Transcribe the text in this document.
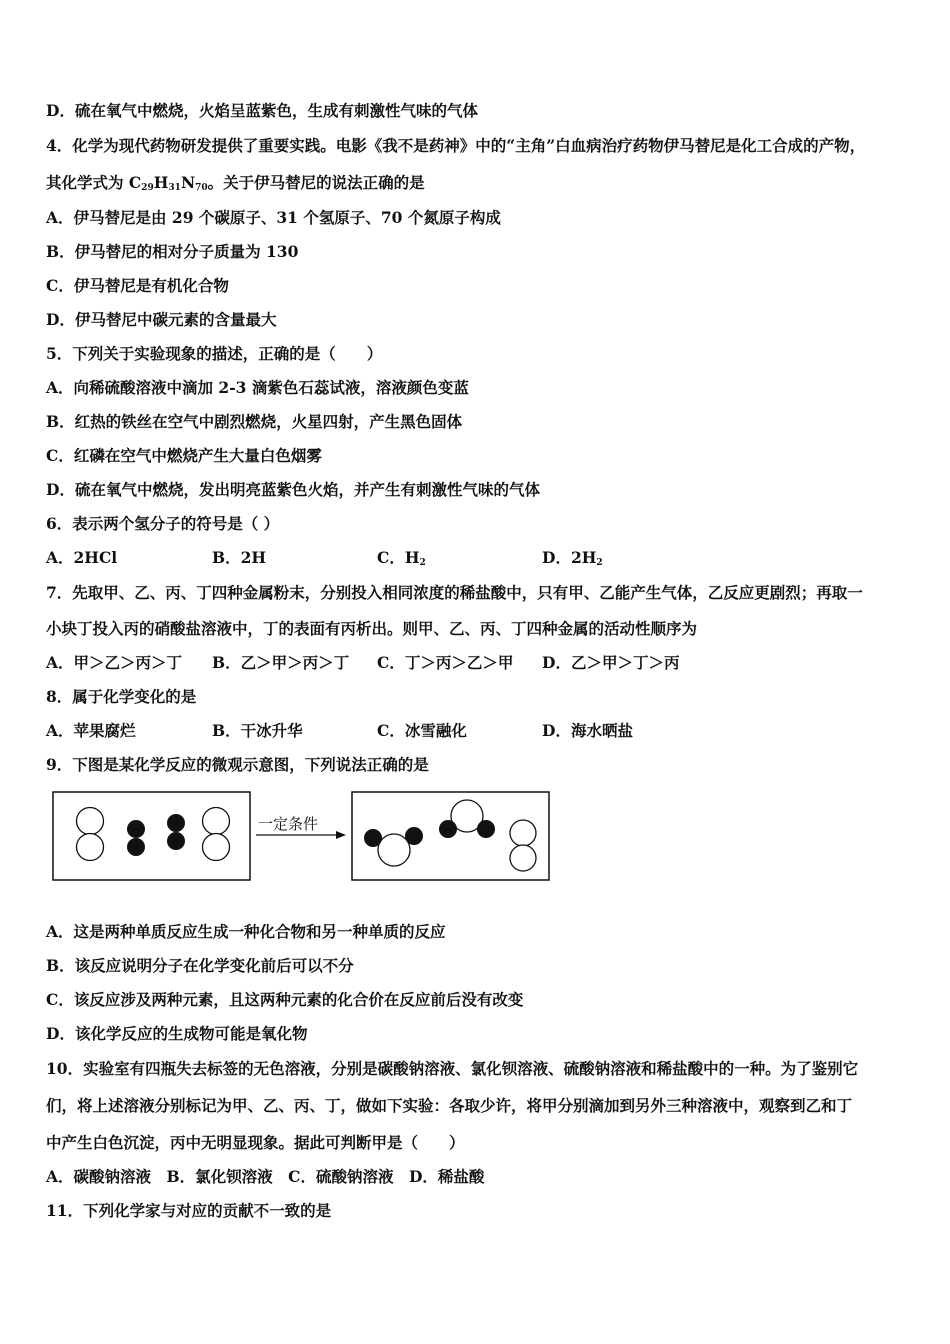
D．硫在氧气中燃烧，火焰呈蓝紫色，生成有刺激性气味的气体
4．化学为现代药物研发提供了重要实践。电影《我不是药神》中的“主角”白血病治疗药物伊马替尼是化工合成的产物，
其化学式为 $C_{29}H_{31}N_{70}$。关于伊马替尼的说法正确的是
A．伊马替尼是由 29 个碳原子、31 个氢原子、70 个氮原子构成
B．伊马替尼的相对分子质量为 130
C．伊马替尼是有机化合物
D．伊马替尼中碳元素的含量最大
5．下列关于实验现象的描述，正确的是（　　）
A．向稀硫酸溶液中滴加 2-3 滴紫色石蕊试液，溶液颜色变蓝
B．红热的铁丝在空气中剧烈燃烧，火星四射，产生黑色固体
C．红磷在空气中燃烧产生大量白色烟雾
D．硫在氧气中燃烧，发出明亮蓝紫色火焰，并产生有刺激性气味的气体
6．表示两个氢分子的符号是（ ）
A．2HCl	B．2H	C．$H_2$	D．$2H_2$
7．先取甲、乙、丙、丁四种金属粉末，分别投入相同浓度的稀盐酸中，只有甲、乙能产生气体，乙反应更剧烈；再取一
小块丁投入丙的硝酸盐溶液中，丁的表面有丙析出。则甲、乙、丙、丁四种金属的活动性顺序为
A．甲＞乙＞丙＞丁 B．乙＞甲＞丙＞丁 C．丁＞丙＞乙＞甲 D．乙＞甲＞丁＞丙
8．属于化学变化的是
A．苹果腐烂	B．干冰升华	C．冰雪融化	D．海水晒盐
9．下图是某化学反应的微观示意图，下列说法正确的是
一定条件
A．这是两种单质反应生成一种化合物和另一种单质的反应
B．该反应说明分子在化学变化前后可以不分
C．该反应涉及两种元素，且这两种元素的化合价在反应前后没有改变
D．该化学反应的生成物可能是氧化物
10．实验室有四瓶失去标签的无色溶液，分别是碳酸钠溶液、氯化钡溶液、硫酸钠溶液和稀盐酸中的一种。为了鉴别它
们，将上述溶液分别标记为甲、乙、丙、丁，做如下实验：各取少许，将甲分别滴加到另外三种溶液中，观察到乙和丁
中产生白色沉淀，丙中无明显现象。据此可判断甲是（　　）
A．碳酸钠溶液　B．氯化钡溶液　C．硫酸钠溶液　D．稀盐酸
11．下列化学家与对应的贡献不一致的是
